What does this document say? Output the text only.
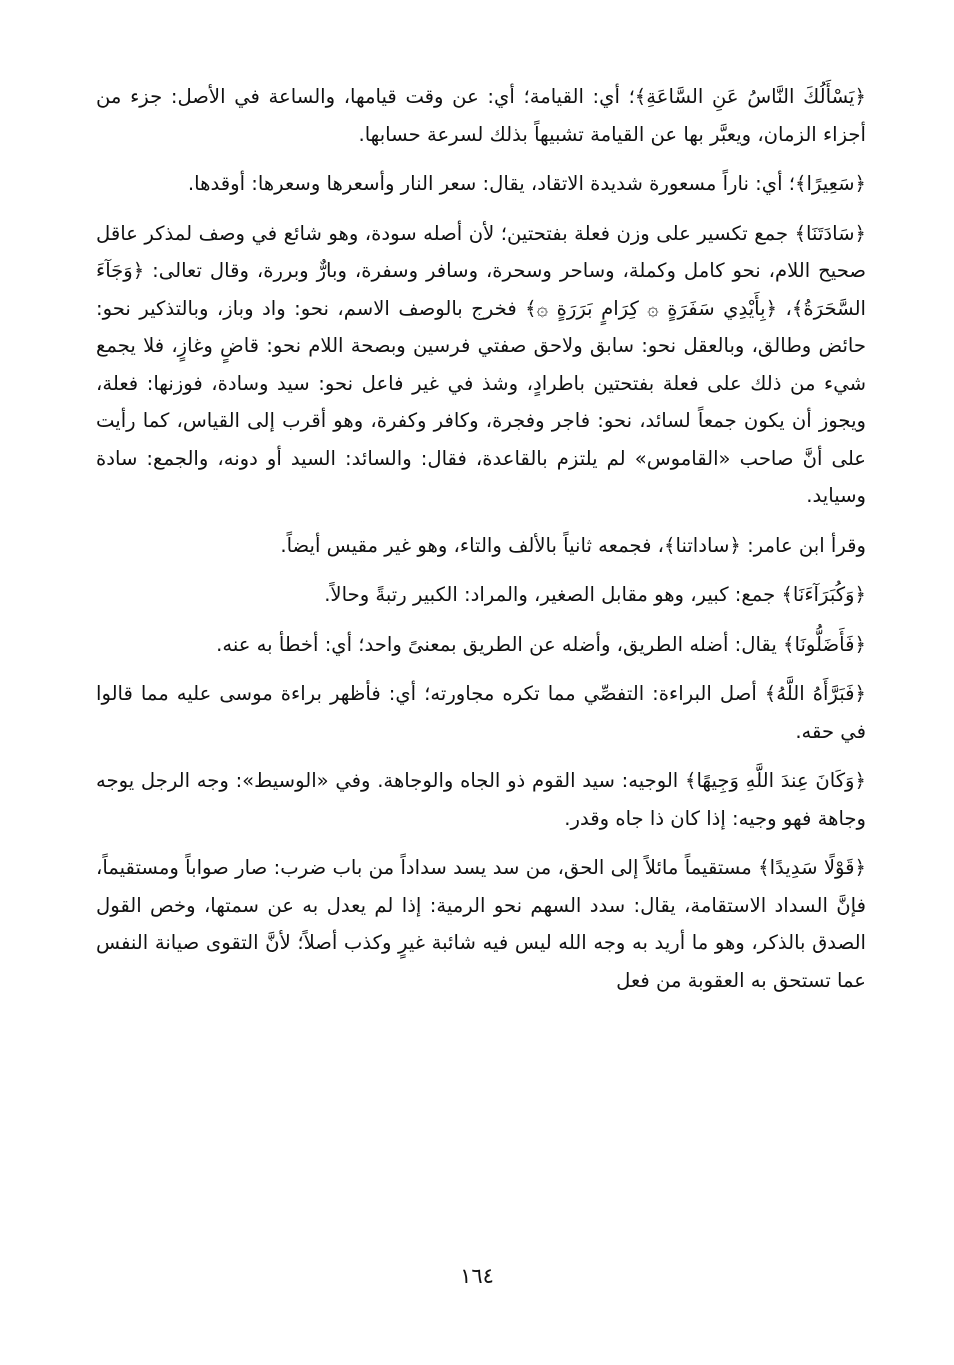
﴿يَسْأَلُكَ النَّاسُ عَنِ السَّاعَةِ﴾؛ أي: القيامة؛ أي: عن وقت قيامها، والساعة في الأصل: جزء من أجزاء الزمان، ويعبَّر بها عن القيامة تشبيهاً بذلك لسرعة حسابها.

﴿سَعِيرًا﴾؛ أي: ناراً مسعورة شديدة الاتقاد، يقال: سعر النار وأسعرها وسعرها: أوقدها.

﴿سَادَتَنَا﴾ جمع تكسير على وزن فعلة بفتحتين؛ لأن أصله سودة، وهو شائع في وصف لمذكر عاقل صحيح اللام، نحو كامل وكملة، وساحر وسحرة، وسافر وسفرة، وبارٌّ وبررة، وقال تعالى: ﴿وَجَآءَ السَّحَرَةُ﴾، ﴿بِأَيْدِي سَفَرَةٍ ۞ كِرَامٍ بَرَرَةٍ ۞﴾ فخرج بالوصف الاسم، نحو: واد وباز، وبالتذكير نحو: حائض وطالق، وبالعقل نحو: سابق ولاحق صفتي فرسين وبصحة اللام نحو: قاضٍ وغازٍ، فلا يجمع شيء من ذلك على فعلة بفتحتين باطرادٍ، وشذ في غير فاعل نحو: سيد وسادة، فوزنها: فعلة، ويجوز أن يكون جمعاً لسائد، نحو: فاجر وفجرة، وكافر وكفرة، وهو أقرب إلى القياس، كما رأيت على أنَّ صاحب «القاموس» لم يلتزم بالقاعدة، فقال: والسائد: السيد أو دونه، والجمع: سادة وسيايد.

وقرأ ابن عامر: ﴿ساداتنا﴾، فجمعه ثانياً بالألف والتاء، وهو غير مقيس أيضاً.

﴿وَكُبَرَآءَنَا﴾ جمع: كبير، وهو مقابل الصغير، والمراد: الكبير رتبةً وحالاً.

﴿فَأَضَلُّونَا﴾ يقال: أضله الطريق، وأضله عن الطريق بمعنىً واحد؛ أي: أخطأ به عنه.

﴿فَبَرَّأَهُ اللَّهُ﴾ أصل البراءة: التفصِّي مما تكره مجاورته؛ أي: فأظهر براءة موسى عليه مما قالوا في حقه.

﴿وَكَانَ عِندَ اللَّهِ وَجِيهًا﴾ الوجيه: سيد القوم ذو الجاه والوجاهة. وفي «الوسيط»: وجه الرجل يوجه وجاهة فهو وجيه: إذا كان ذا جاه وقدر.

﴿قَوْلًا سَدِيدًا﴾ مستقيماً مائلاً إلى الحق، من سد يسد سداداً من باب ضرب: صار صواباً ومستقيماً، فإنَّ السداد الاستقامة، يقال: سدد السهم نحو الرمية: إذا لم يعدل به عن سمتها، وخص القول الصدق بالذكر، وهو ما أريد به وجه الله ليس فيه شائبة غيرٍ وكذب أصلاً؛ لأنَّ التقوى صيانة النفس عما تستحق به العقوبة من فعل

١٦٤
